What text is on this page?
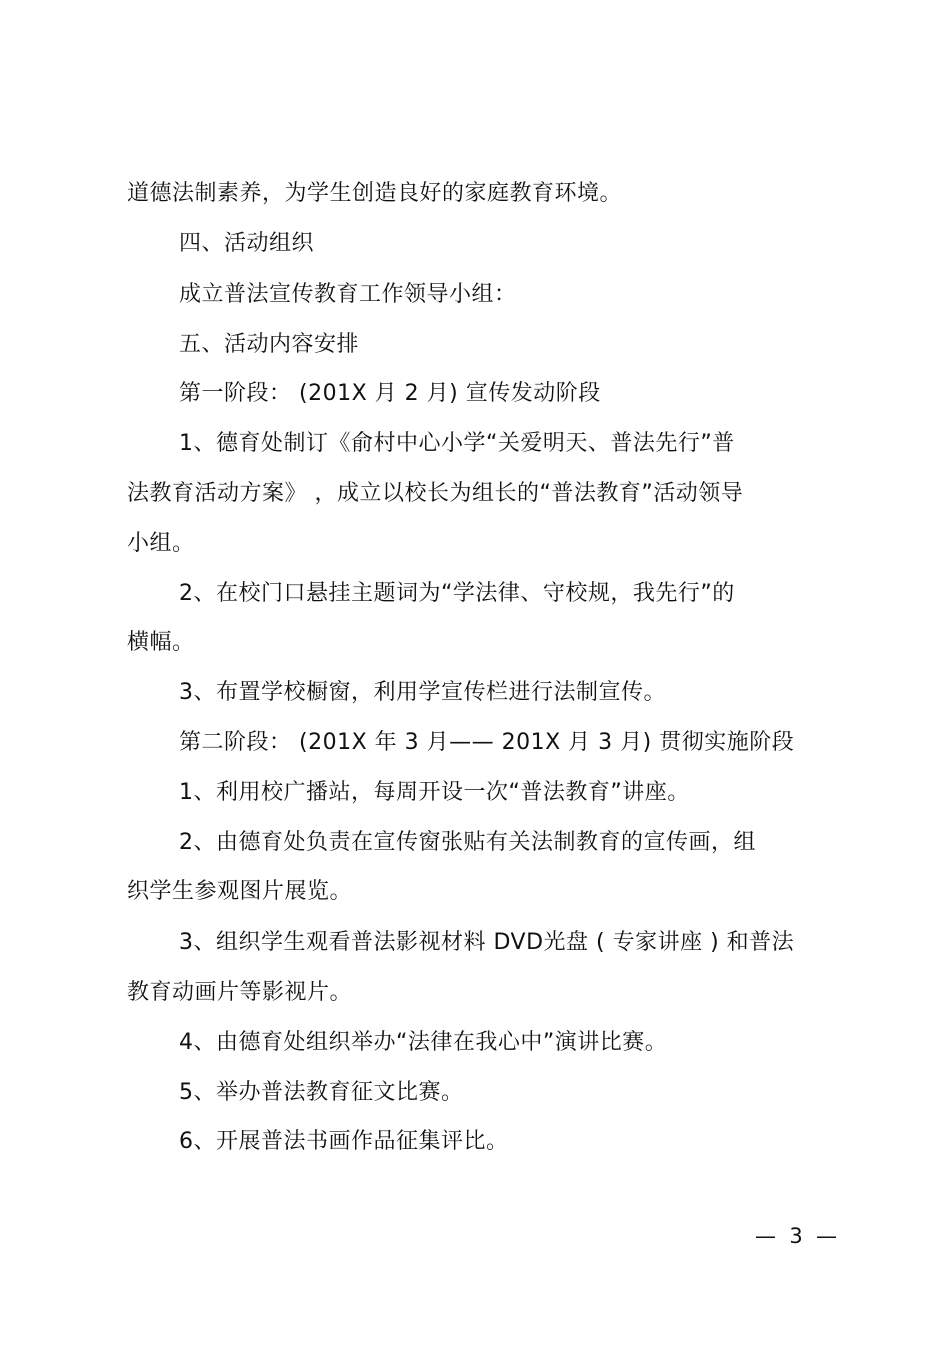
道德法制素养，为学生创造良好的家庭教育环境。
四、活动组织
成立普法宣传教育工作领导小组：
五、活动内容安排
第一阶段： (201X 月 2 月) 宣传发动阶段
1、德育处制订《俞村中心小学“关爱明天、普法先行”普
法教育活动方案》 ，成立以校长为组长的“普法教育”活动领导
小组。
2、在校门口悬挂主题词为“学法律、守校规，我先行”的
横幅。
3、布置学校橱窗，利用学宣传栏进行法制宣传。
第二阶段： (201X 年 3 月—— 201X 月 3 月) 贯彻实施阶段
1、利用校广播站，每周开设一次“普法教育”讲座。
2、由德育处负责在宣传窗张贴有关法制教育的宣传画，组
织学生参观图片展览。
3、组织学生观看普法影视材料 DVD光盘 ( 专家讲座 ) 和普法
教育动画片等影视片。
4、由德育处组织举办“法律在我心中”演讲比赛。
5、举办普法教育征文比赛。
6、开展普法书画作品征集评比。
—  3  —
